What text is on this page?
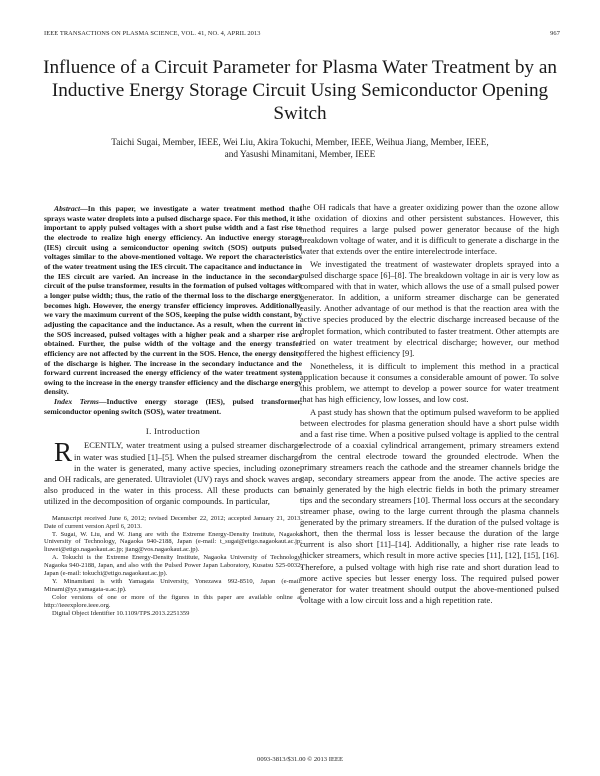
IEEE TRANSACTIONS ON PLASMA SCIENCE, VOL. 41, NO. 4, APRIL 2013	967
Influence of a Circuit Parameter for Plasma Water Treatment by an Inductive Energy Storage Circuit Using Semiconductor Opening Switch
Taichi Sugai, Member, IEEE, Wei Liu, Akira Tokuchi, Member, IEEE, Weihua Jiang, Member, IEEE,
and Yasushi Minamitani, Member, IEEE

Abstract—In this paper, we investigate a water treatment method that sprays waste water droplets into a pulsed discharge space. For this method, it is important to apply pulsed voltages with a short pulse width and a fast rise to the electrode to realize high energy efficiency. An inductive energy storage (IES) circuit using a semiconductor opening switch (SOS) outputs pulsed voltages similar to the above-mentioned voltage. We report the characteristics of the water treatment using the IES circuit. The capacitance and inductance in the IES circuit are varied. An increase in the inductance in the secondary circuit of the pulse transformer, results in the formation of pulsed voltages with a longer pulse width; thus, the ratio of the thermal loss to the discharge energy becomes high. However, the energy transfer efficiency improves. Additionally, we vary the maximum current of the SOS, keeping the pulse width constant, by adjusting the capacitance and the inductance. As a result, when the current in the SOS increased, pulsed voltages with a higher peak and a sharper rise are obtained. Further, the pulse width of the voltage and the energy transfer efficiency are not affected by the current in the SOS. Hence, the energy density of the discharge is higher. The increase in the secondary inductance and the forward current increased the energy efficiency of the water treatment system owing to the increase in the energy transfer efficiency and the discharge energy density.

Index Terms—Inductive energy storage (IES), pulsed transformer, semiconductor opening switch (SOS), water treatment.

I. Introduction

R ECENTLY, water treatment using a pulsed streamer discharge in water was studied [1]–[5]. When the pulsed streamer discharge in the water is generated, many active species, including ozone, and OH radicals, are generated. Ultraviolet (UV) rays and shock waves are also produced in the water in this process. All these products can be utilized in the decomposition of organic compounds. In particular,

Manuscript received June 6, 2012; revised December 22, 2012; accepted January 21, 2013. Date of current version April 6, 2013.

T. Sugai, W. Liu, and W. Jiang are with the Extreme Energy-Density Institute, Nagaoka University of Technology, Nagaoka 940-2188, Japan (e-mail: t_sugai@etigo.nagaokaut.ac.jp; liuwei@etigo.nagaokaut.ac.jp; jiang@vos.nagaokaut.ac.jp).

A. Tokuchi is the Extreme Energy-Density Institute, Nagaoka University of Technology, Nagaoka 940-2188, Japan, and also with the Pulsed Power Japan Laboratory, Kusatsu 525-0032, Japan (e-mail: tokuchi@etigo.nagaokaut.ac.jp).

Y. Minamitani is with Yamagata University, Yonezawa 992-8510, Japan (e-mail: Minami@yz.yamagata-u.ac.jp).

Color versions of one or more of the figures in this paper are available online at http://ieeexplore.ieee.org.

Digital Object Identifier 10.1109/TPS.2013.2251359

the OH radicals that have a greater oxidizing power than the ozone allow the oxidation of dioxins and other persistent substances. However, this method requires a large pulsed power generator because of the high breakdown voltage of water, and it is difficult to generate a discharge in the water that extends over the entire interelectrode interface.

We investigated the treatment of wastewater droplets sprayed into a pulsed discharge space [6]–[8]. The breakdown voltage in air is very low as compared with that in water, which allows the use of a small pulsed power generator. In addition, a uniform streamer discharge can be generated easily. Another advantage of our method is that the reaction area with the active species produced by the electric discharge increased because of the droplet formation, which contributed to faster treatment. Other attempts are tried on water treatment by electrical discharge; however, our method offered the highest efficiency [9].

Nonetheless, it is difficult to implement this method in a practical application because it consumes a considerable amount of power. To solve this problem, we attempt to develop a power source for water treatment that has high efficiency, low losses, and low cost.

A past study has shown that the optimum pulsed waveform to be applied between electrodes for plasma generation should have a short pulse width and a fast rise time. When a positive pulsed voltage is applied to the central electrode of a coaxial cylindrical arrangement, primary streamers extend from the central electrode toward the grounded electrode. When the primary streamers reach the cathode and the streamer channels bridge the gap, secondary streamers appear from the anode. The active species are mainly generated by the high electric fields in both the primary streamer tips and the secondary streamers [10]. Thermal loss occurs at the secondary streamer phase, owing to the large current through the plasma channels generated by the primary streamers. If the duration of the pulsed voltage is short, then the thermal loss is lesser because the duration of the large current is also short [11]–[14]. Additionally, a higher rise rate leads to thicker streamers, which result in more active species [11], [12], [15], [16]. Therefore, a pulsed voltage with high rise rate and short duration lead to more active species but lesser energy loss. The required pulsed power generator for water treatment should output the above-mentioned pulsed voltage with a low circuit loss and a high repetition rate.

0093-3813/$31.00 © 2013 IEEE
